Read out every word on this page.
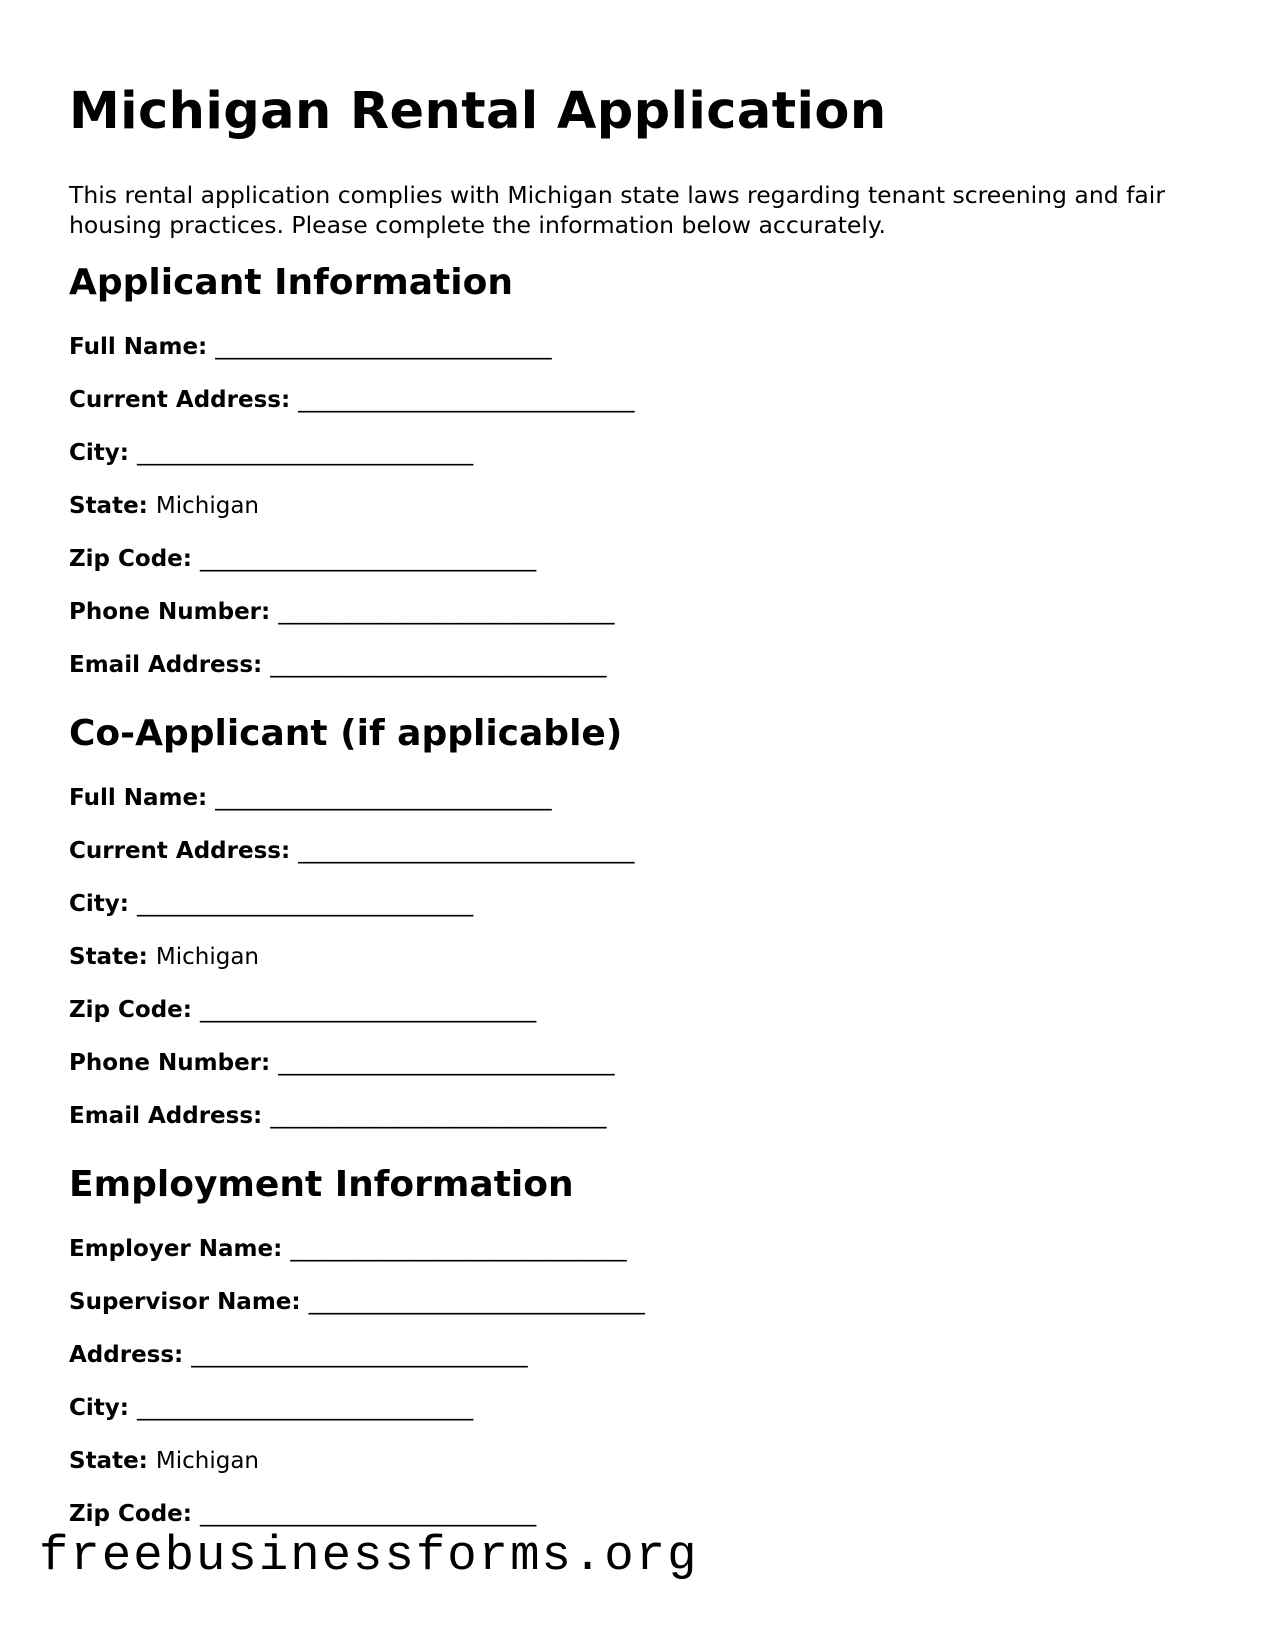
Michigan Rental Application

This rental application complies with Michigan state laws regarding tenant screening and fair housing practices. Please complete the information below accurately.

Applicant Information
Full Name: ______________________________
Current Address: ______________________________
City: ______________________________
State: Michigan
Zip Code: ______________________________
Phone Number: ______________________________
Email Address: ______________________________
Co-Applicant (if applicable)
Full Name: ______________________________
Current Address: ______________________________
City: ______________________________
State: Michigan
Zip Code: ______________________________
Phone Number: ______________________________
Email Address: ______________________________
Employment Information
Employer Name: ______________________________
Supervisor Name: ______________________________
Address: ______________________________
City: ______________________________
State: Michigan
Zip Code: ______________________________
freebusinessforms.org
